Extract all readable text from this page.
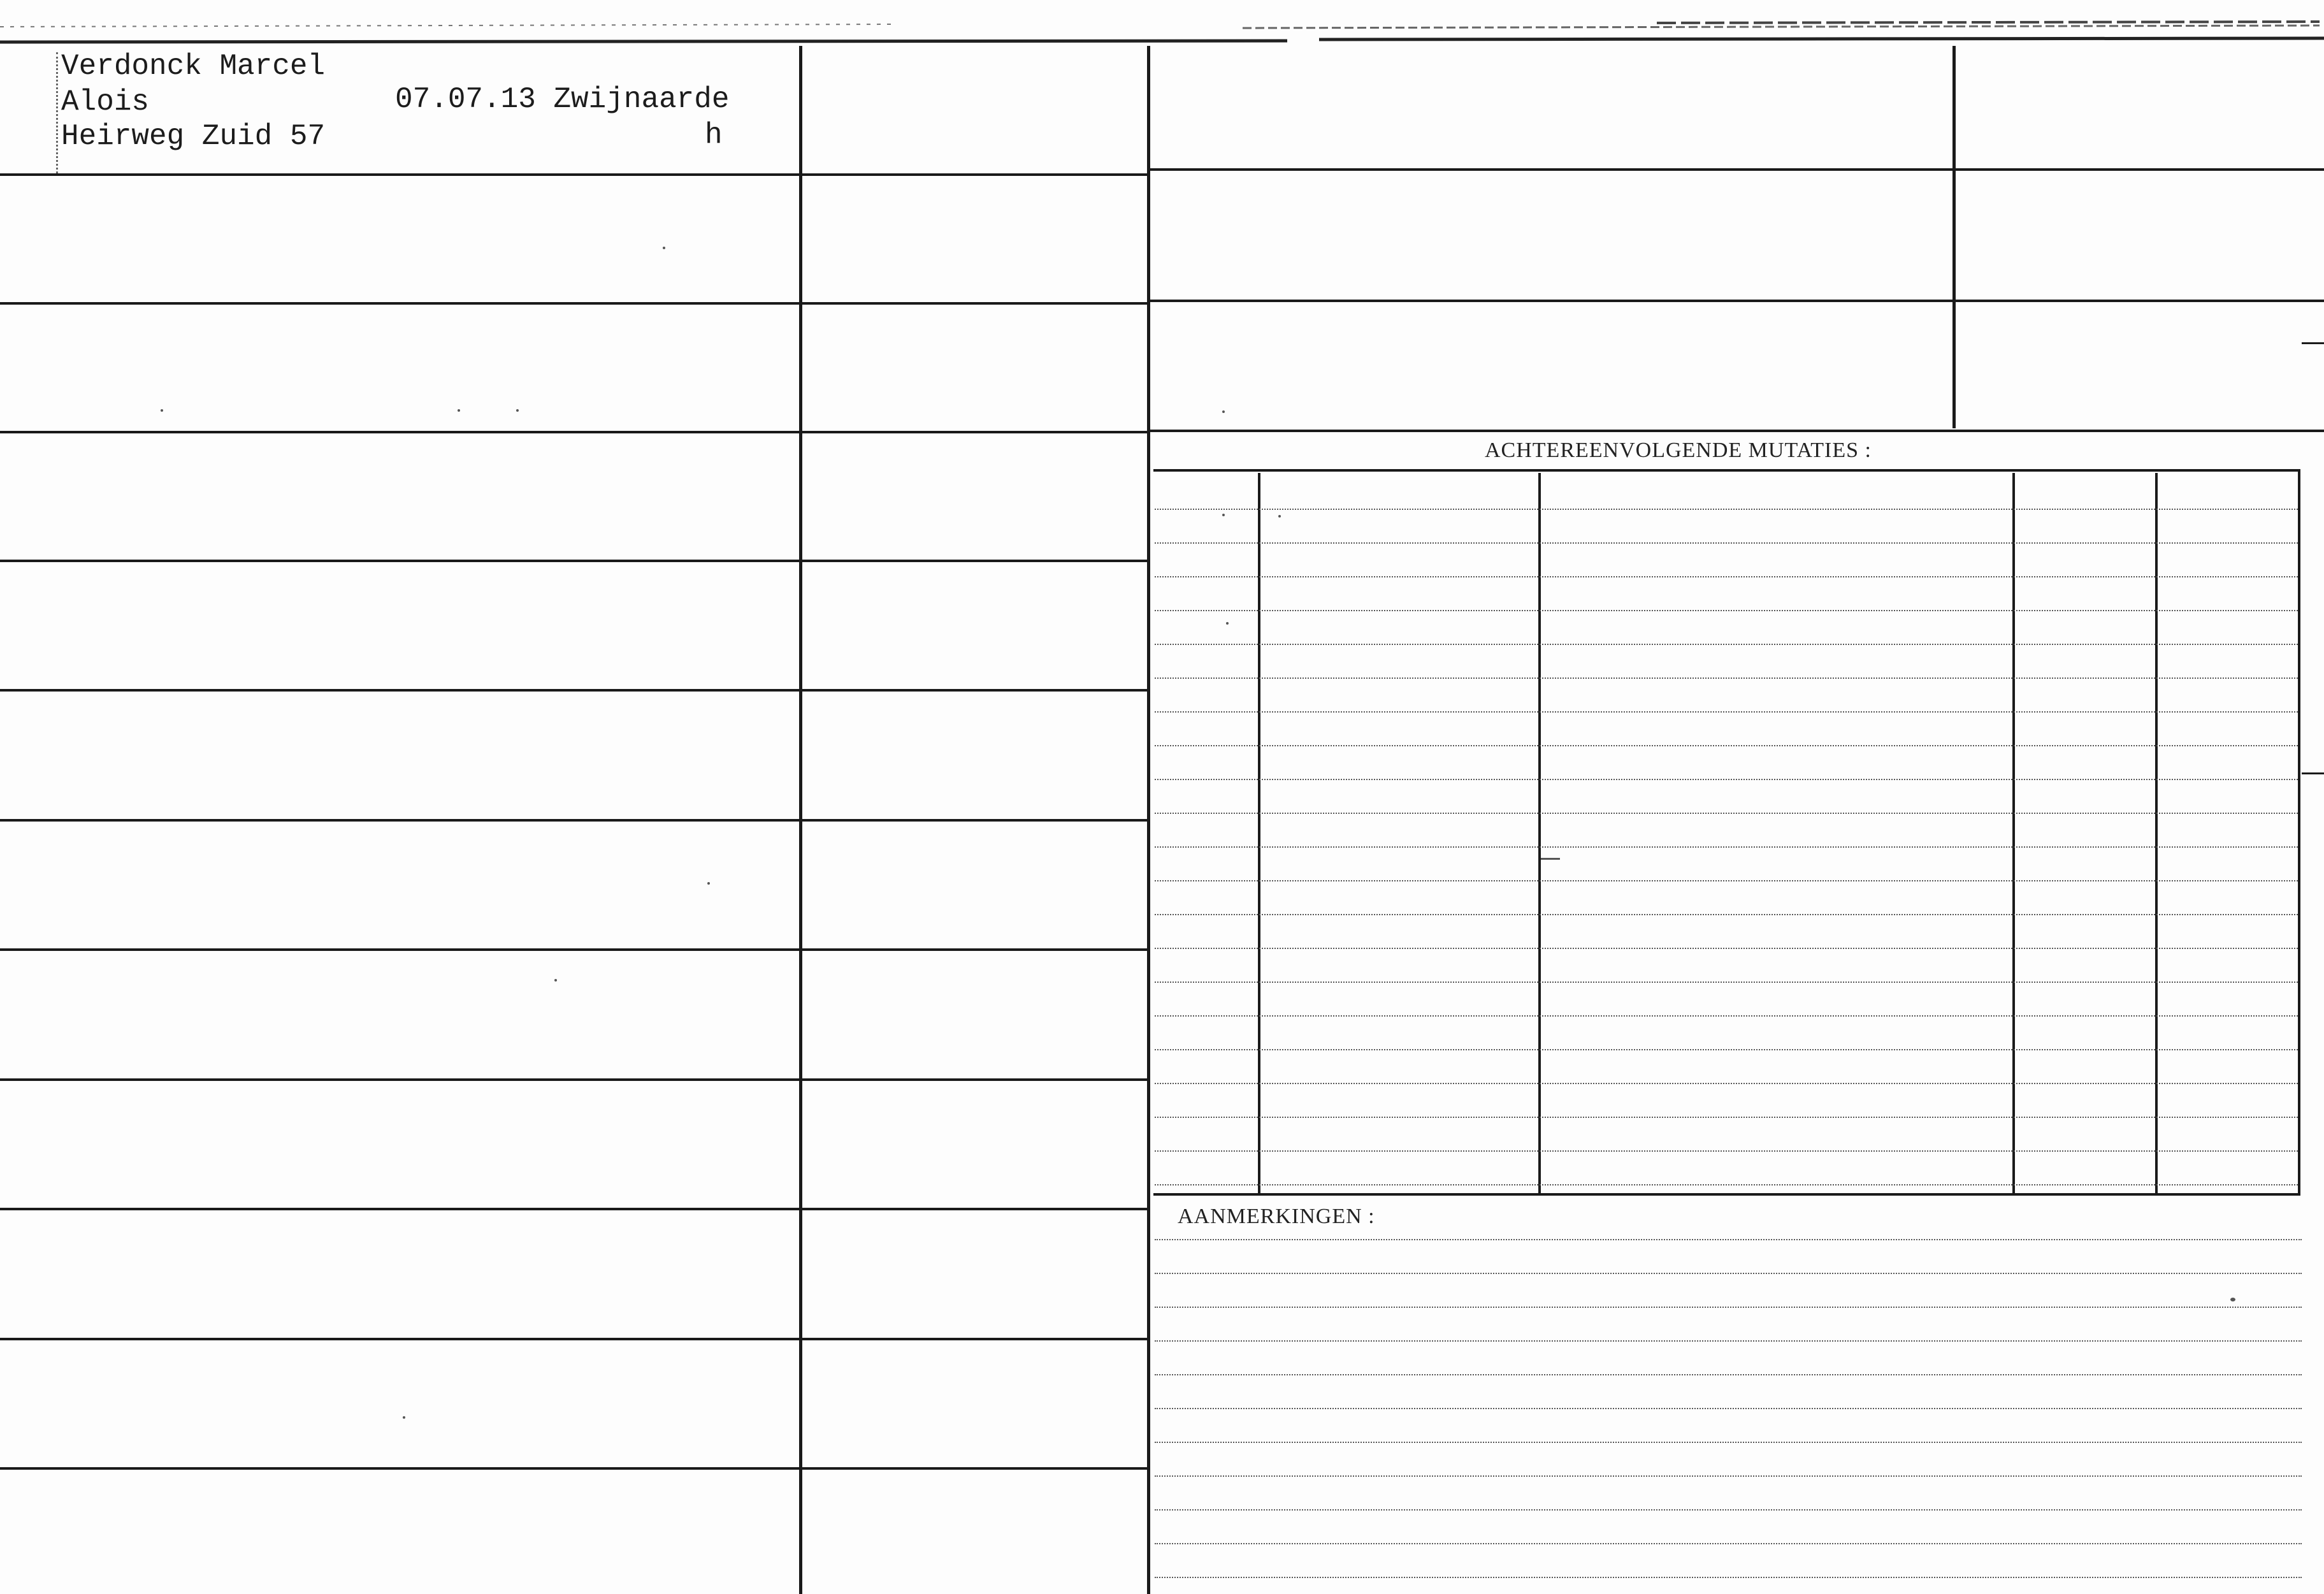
Verdonck Marcel
Alois
Heirweg Zuid 57
07.07.13 Zwijnaarde
h
ACHTEREENVOLGENDE MUTATIES :
AANMERKINGEN :
